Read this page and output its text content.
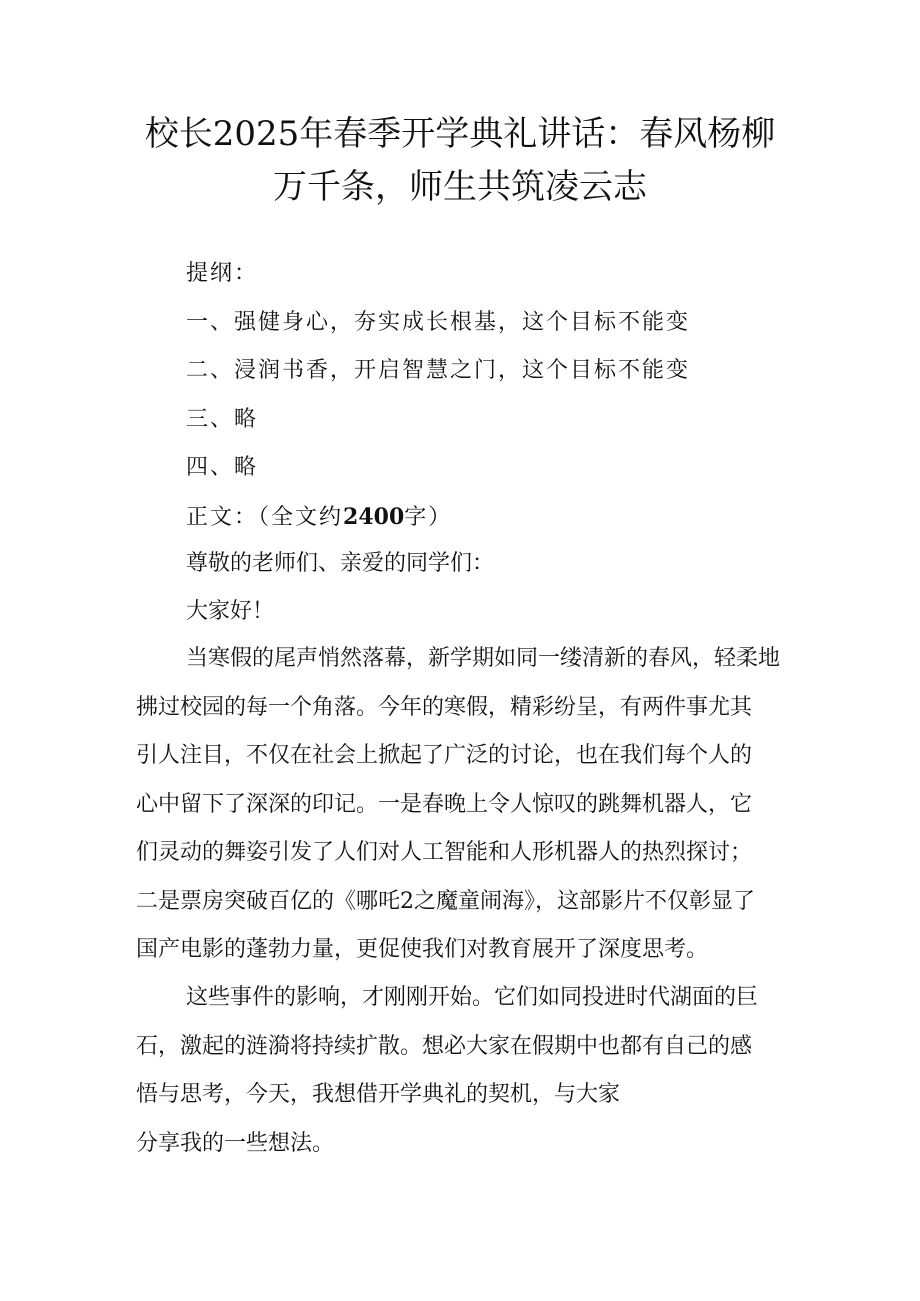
校长2025年春季开学典礼讲话：春风杨柳
万千条，师生共筑凌云志
提纲：
一、强健身心，夯实成长根基，这个目标不能变
二、浸润书香，开启智慧之门，这个目标不能变
三、略
四、略
正文：（全文约2400字）
尊敬的老师们、亲爱的同学们：
大家好！

当寒假的尾声悄然落幕，新学期如同一缕清新的春风，轻柔地
拂过校园的每一个角落。今年的寒假，精彩纷呈，有两件事尤其
引人注目，不仅在社会上掀起了广泛的讨论，也在我们每个人的
心中留下了深深的印记。一是春晚上令人惊叹的跳舞机器人，它
们灵动的舞姿引发了人们对人工智能和人形机器人的热烈探讨；
二是票房突破百亿的《哪吒2之魔童闹海》，这部影片不仅彰显了
国产电影的蓬勃力量，更促使我们对教育展开了深度思考。

这些事件的影响，才刚刚开始。它们如同投进时代湖面的巨
石，激起的涟漪将持续扩散。想必大家在假期中也都有自己的感
悟与思考，今天，我想借开学典礼的契机，与大家
分享我的一些想法。
